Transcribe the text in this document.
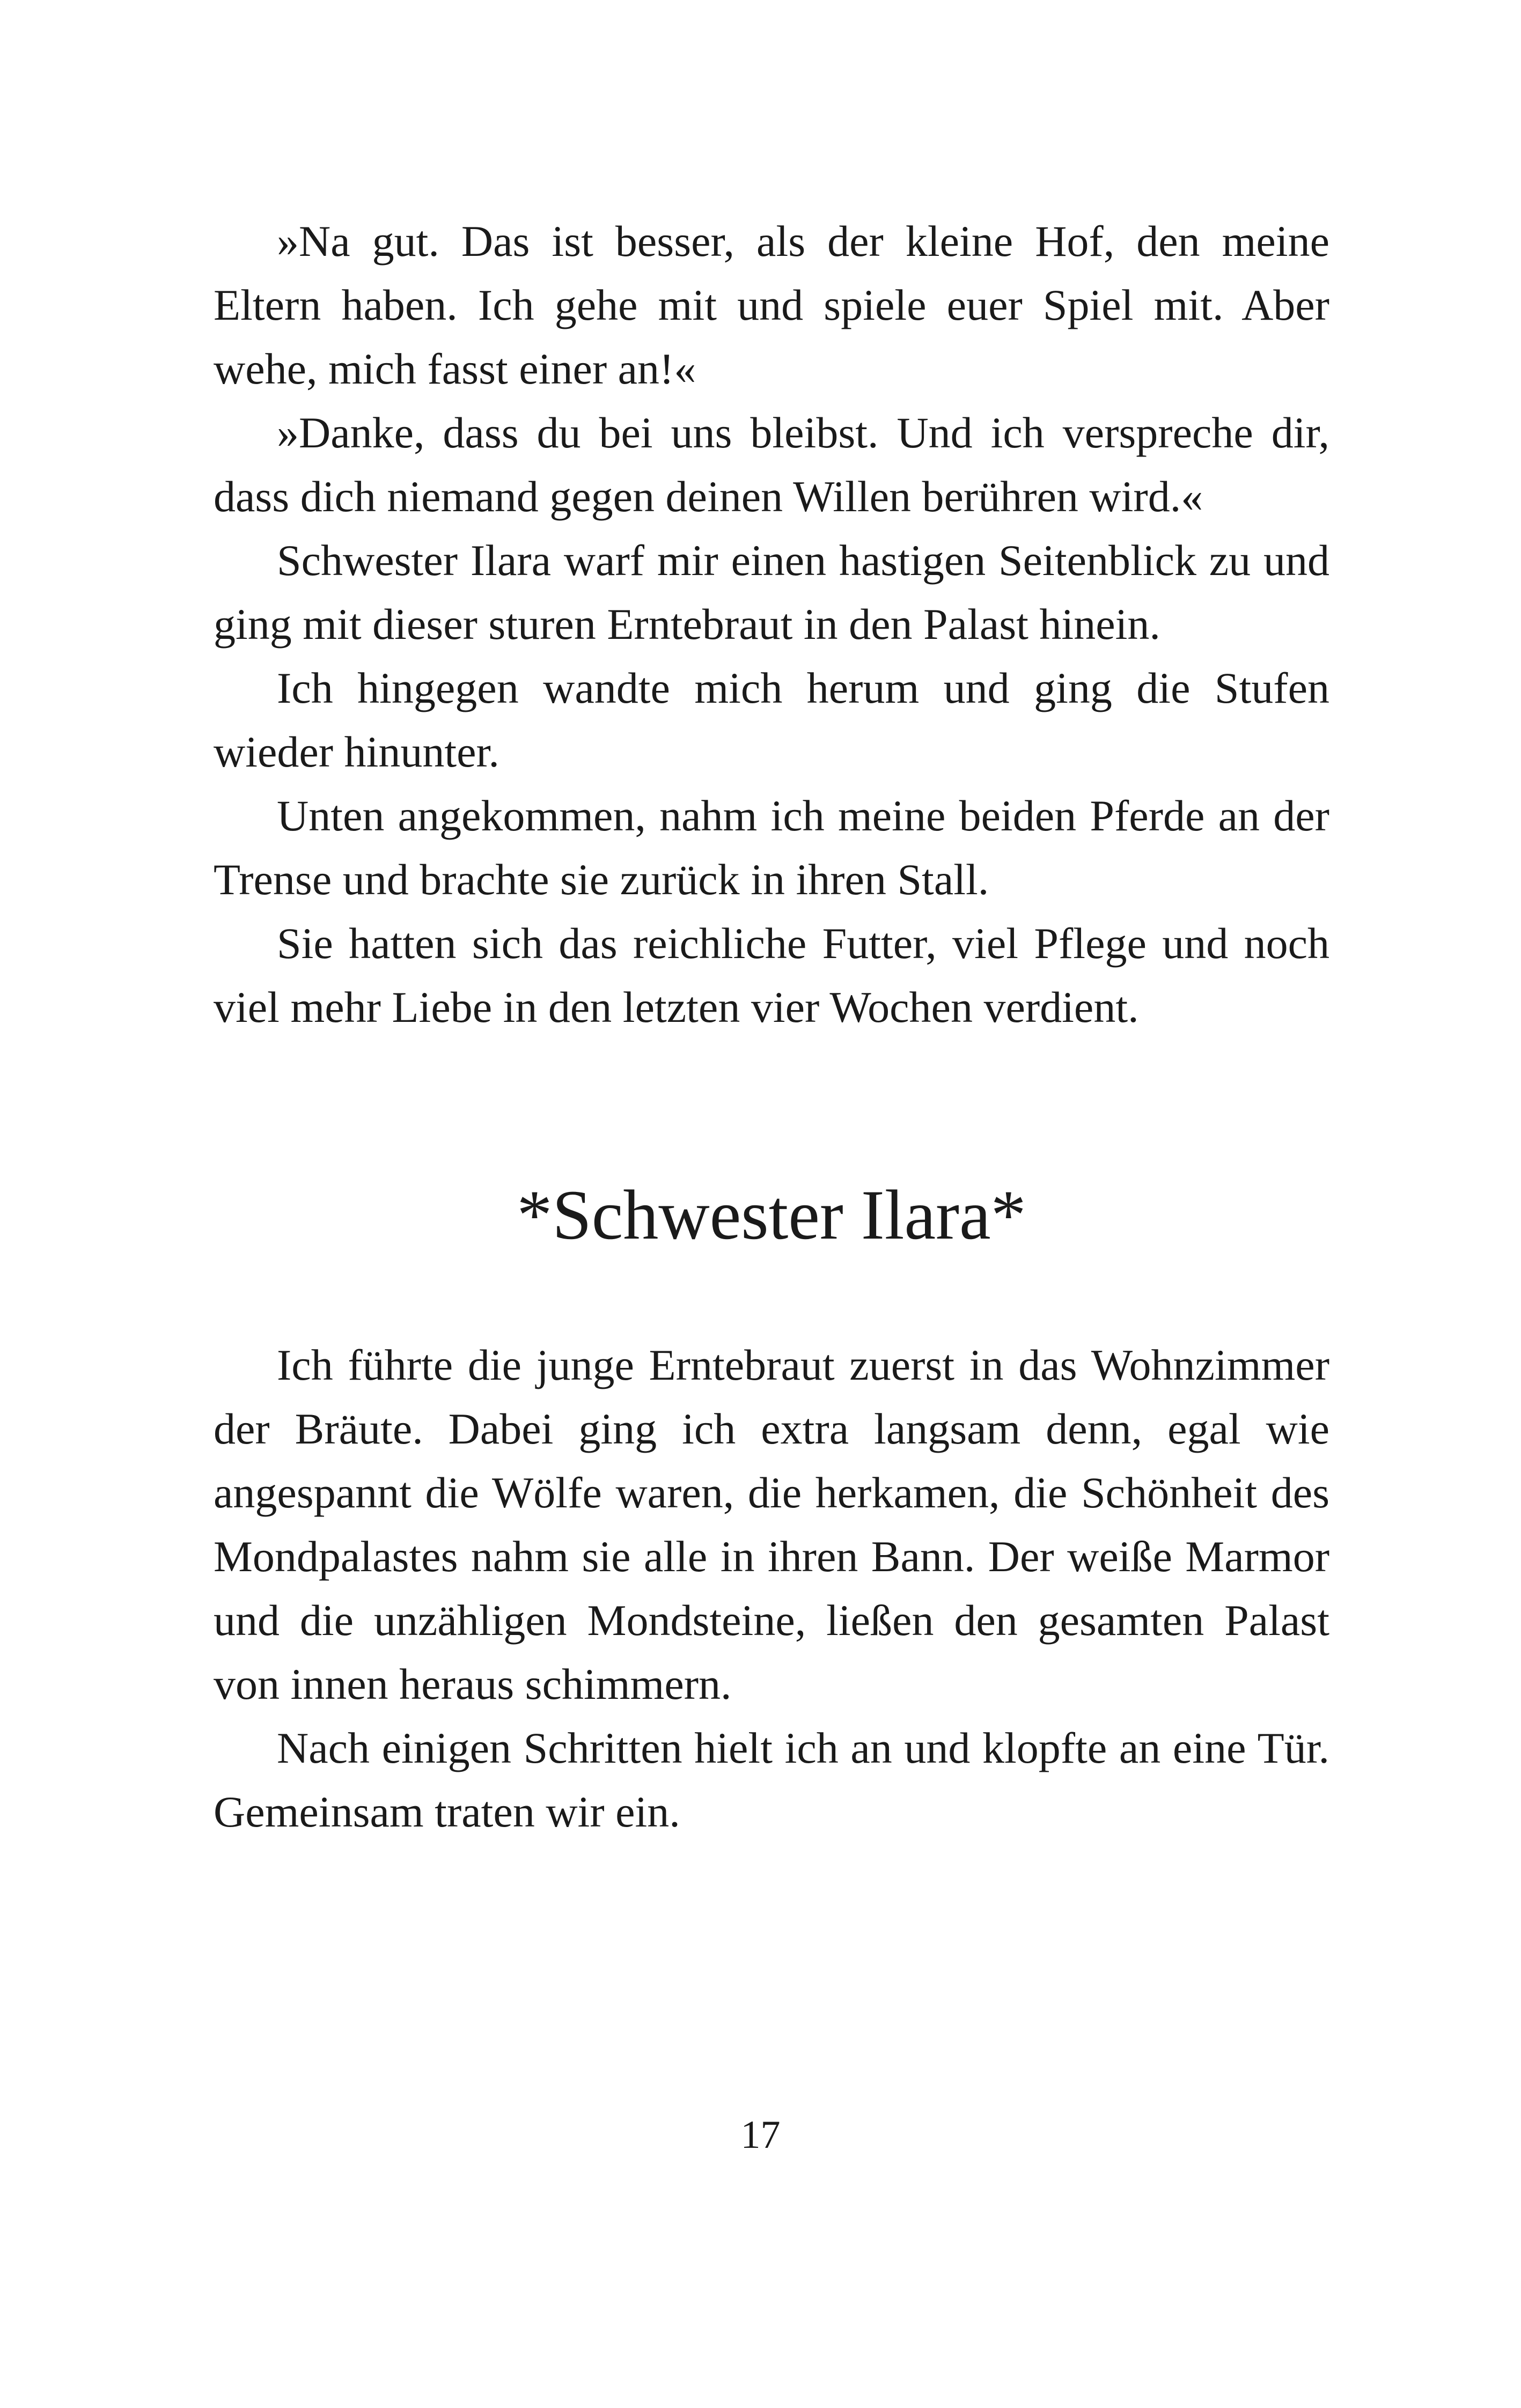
»Na gut. Das ist besser, als der kleine Hof, den meine Eltern haben. Ich gehe mit und spiele euer Spiel mit. Aber wehe, mich fasst einer an!«

»Danke, dass du bei uns bleibst. Und ich verspreche dir, dass dich niemand gegen deinen Willen berühren wird.«

Schwester Ilara warf mir einen hastigen Seitenblick zu und ging mit dieser sturen Erntebraut in den Palast hinein.

Ich hingegen wandte mich herum und ging die Stufen wieder hinunter.

Unten angekommen, nahm ich meine beiden Pferde an der Trense und brachte sie zurück in ihren Stall.

Sie hatten sich das reichliche Futter, viel Pflege und noch viel mehr Liebe in den letzten vier Wochen verdient.

*Schwester Ilara*

Ich führte die junge Erntebraut zuerst in das Wohnzimmer der Bräute. Dabei ging ich extra langsam denn, egal wie angespannt die Wölfe waren, die herkamen, die Schönheit des Mondpalastes nahm sie alle in ihren Bann. Der weiße Marmor und die unzähligen Mondsteine, ließen den gesamten Palast von innen heraus schimmern.

Nach einigen Schritten hielt ich an und klopfte an eine Tür. Gemeinsam traten wir ein.

17
